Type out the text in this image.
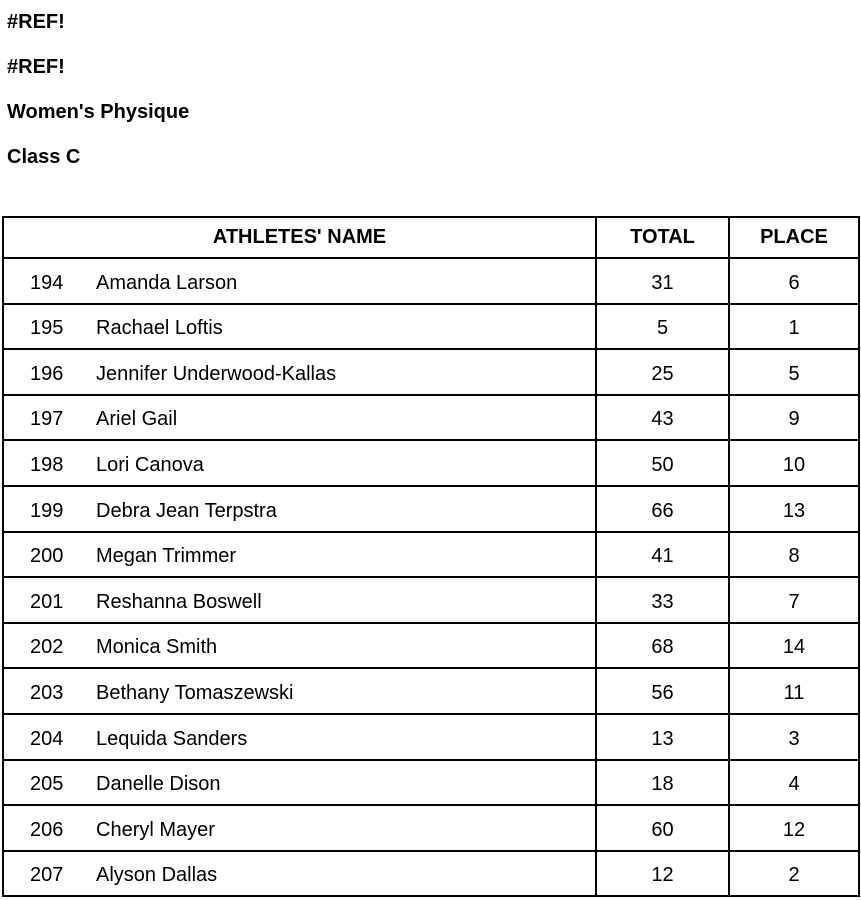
#REF!
#REF!
Women's Physique
Class C
ATHLETES' NAME	TOTAL	PLACE
194 Amanda Larson	31	6
195 Rachael Loftis	5	1
196 Jennifer Underwood-Kallas	25	5
197 Ariel Gail	43	9
198 Lori Canova	50	10
199 Debra Jean Terpstra	66	13
200 Megan Trimmer	41	8
201 Reshanna Boswell	33	7
202 Monica Smith	68	14
203 Bethany Tomaszewski	56	11
204 Lequida Sanders	13	3
205 Danelle Dison	18	4
206 Cheryl Mayer	60	12
207 Alyson Dallas	12	2
